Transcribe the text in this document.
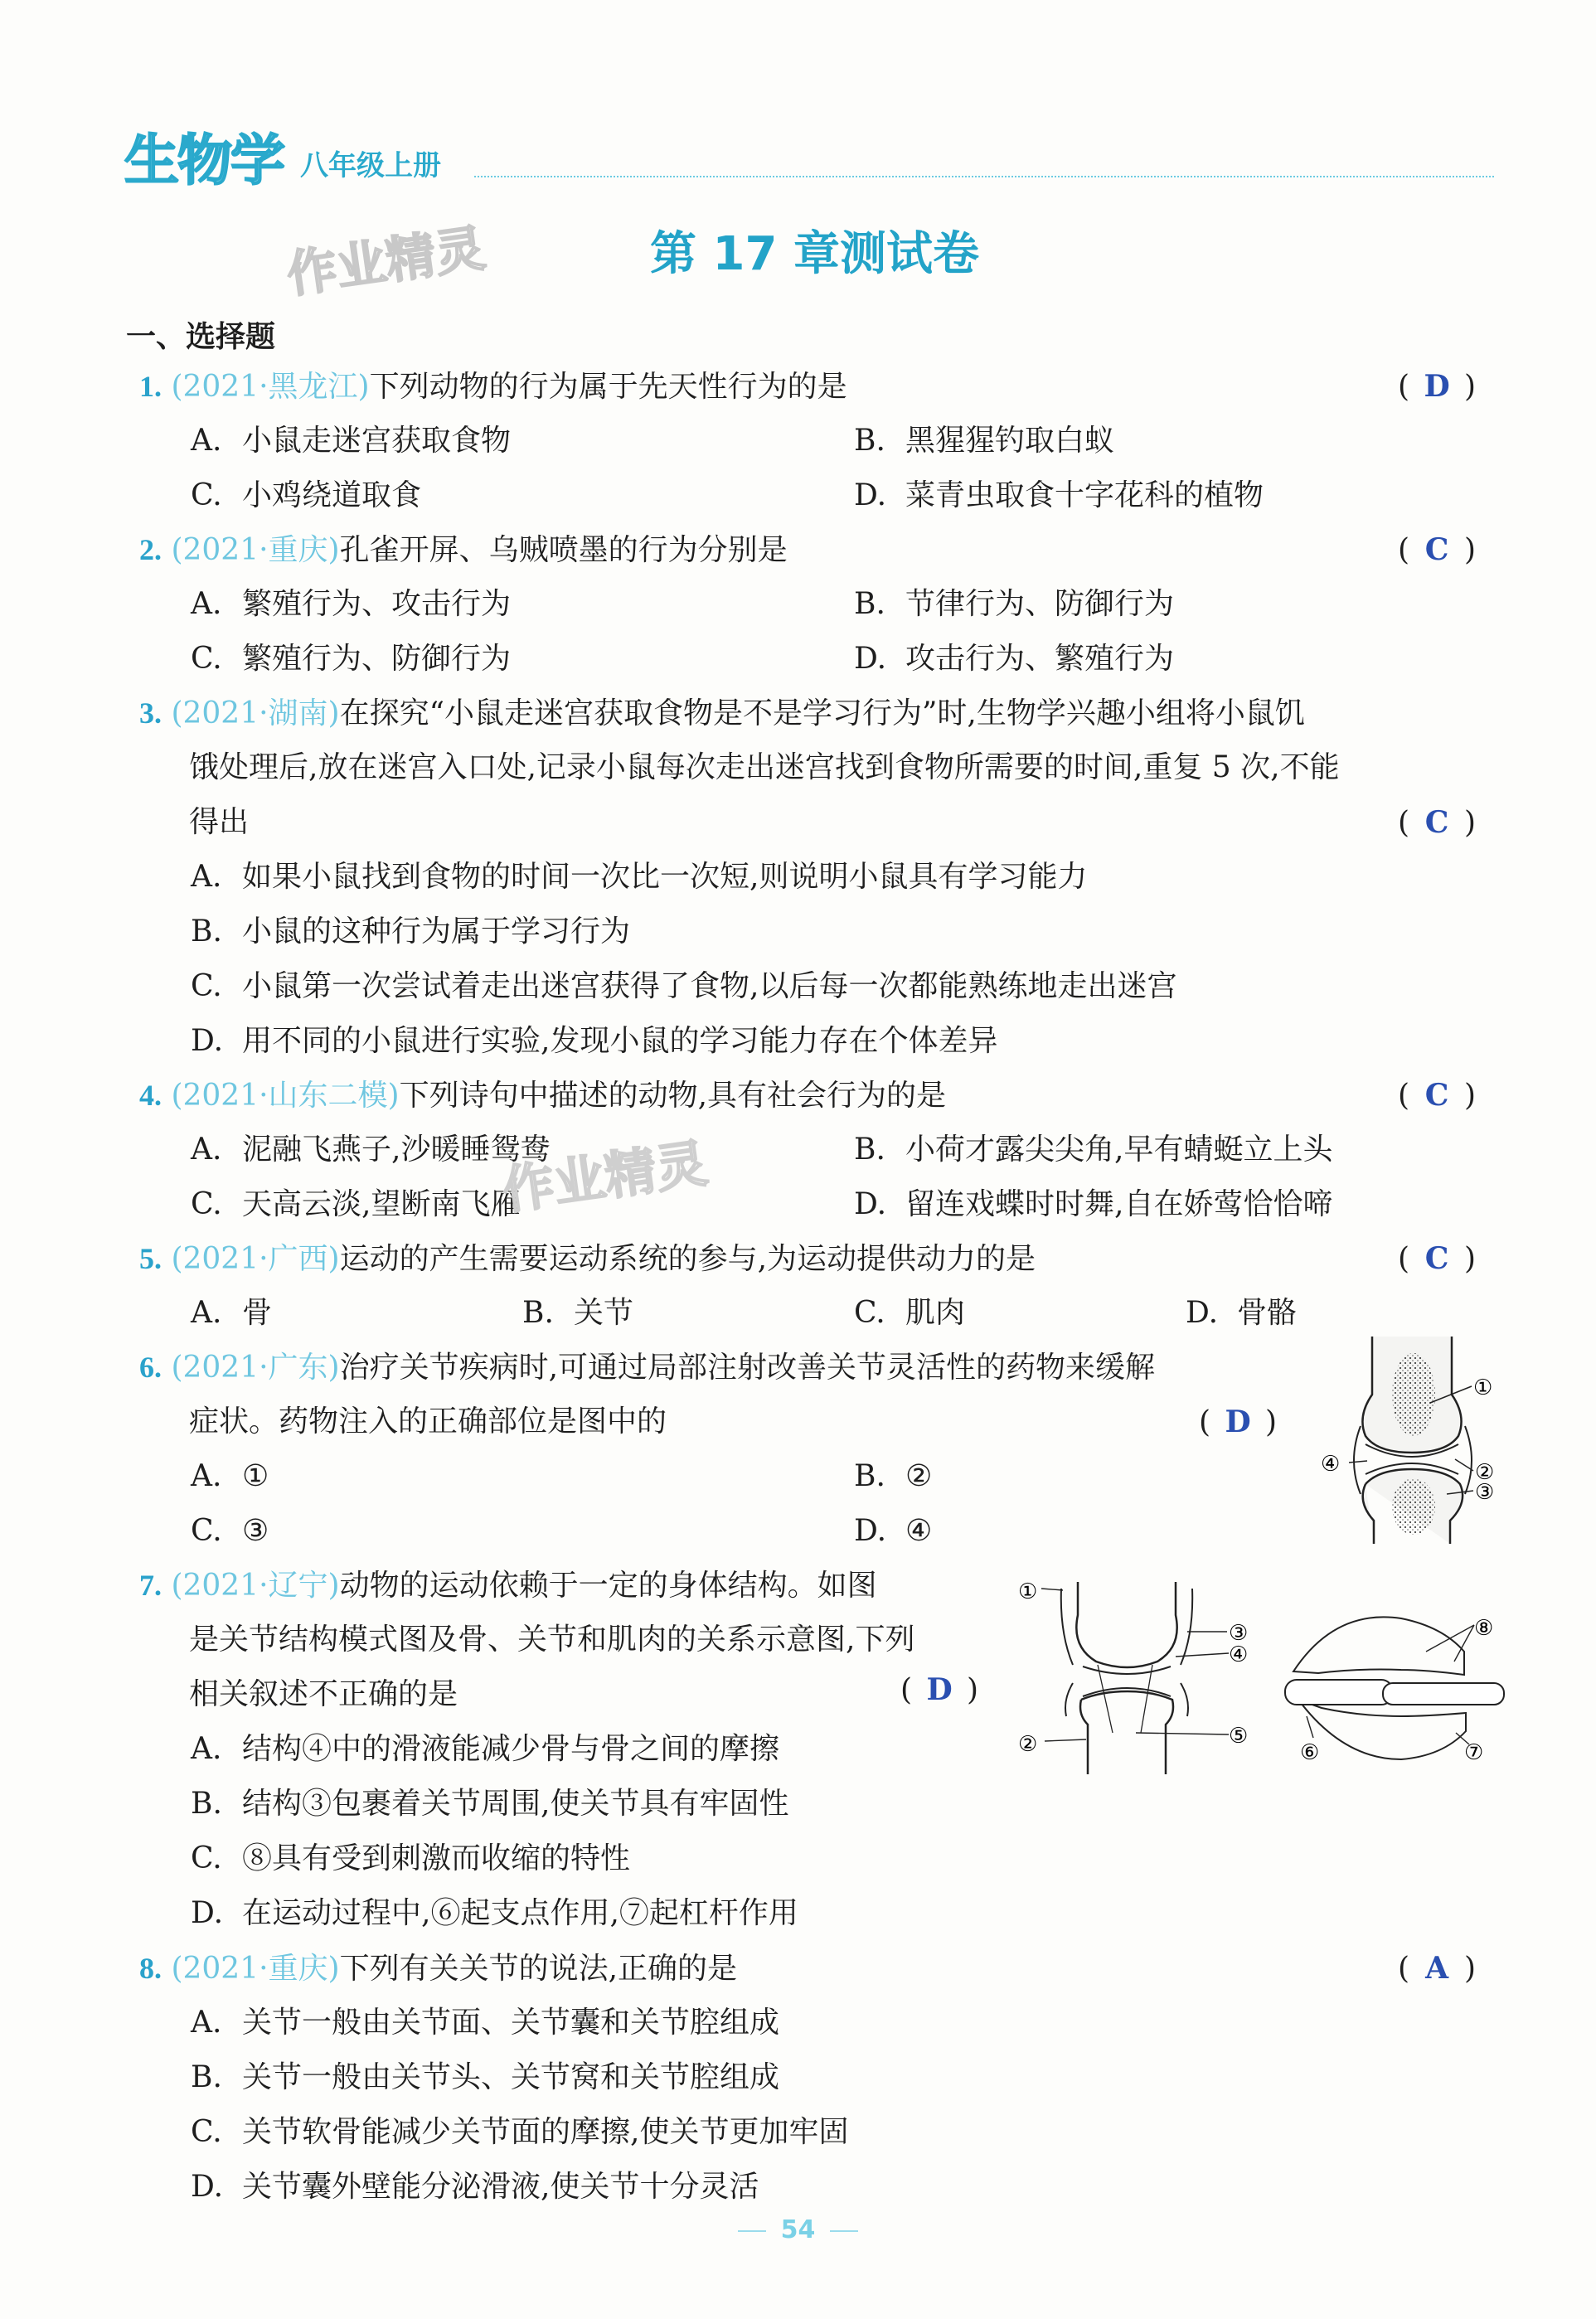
生物学 八年级上册
作业精灵	第 17 章测试卷
一、选择题
1. (2021·黑龙江)下列动物的行为属于先天性行为的是	( D )
A. 小鼠走迷宫获取食物	B. 黑猩猩钓取白蚁
C. 小鸡绕道取食	D. 菜青虫取食十字花科的植物
2. (2021·重庆)孔雀开屏、乌贼喷墨的行为分别是	( C )
A. 繁殖行为、攻击行为	B. 节律行为、防御行为
C. 繁殖行为、防御行为	D. 攻击行为、繁殖行为
3. (2021·湖南)在探究“小鼠走迷宫获取食物是不是学习行为”时,生物学兴趣小组将小鼠饥
饿处理后,放在迷宫入口处,记录小鼠每次走出迷宫找到食物所需要的时间,重复 5 次,不能
得出	( C )
A. 如果小鼠找到食物的时间一次比一次短,则说明小鼠具有学习能力
B. 小鼠的这种行为属于学习行为
C. 小鼠第一次尝试着走出迷宫获得了食物,以后每一次都能熟练地走出迷宫
D. 用不同的小鼠进行实验,发现小鼠的学习能力存在个体差异
4. (2021·山东二模)下列诗句中描述的动物,具有社会行为的是	( C )
A. 泥融飞燕子,沙暖睡鸳鸯	B. 小荷才露尖尖角,早有蜻蜓立上头
C. 天高云淡,望断南飞雁	D. 留连戏蝶时时舞,自在娇莺恰恰啼
作业精灵
5. (2021·广西)运动的产生需要运动系统的参与,为运动提供动力的是	( C )
A. 骨	B. 关节	C. 肌肉	D. 骨骼
6. (2021·广东)治疗关节疾病时,可通过局部注射改善关节灵活性的药物来缓解
症状。药物注入的正确部位是图中的	( D )
A. ①	B. ②
C. ③	D. ④
①
②
③
④
7. (2021·辽宁)动物的运动依赖于一定的身体结构。如图
是关节结构模式图及骨、关节和肌肉的关系示意图,下列
相关叙述不正确的是	( D )
A. 结构④中的滑液能减少骨与骨之间的摩擦
B. 结构③包裹着关节周围,使关节具有牢固性
C. ⑧具有受到刺激而收缩的特性
D. 在运动过程中,⑥起支点作用,⑦起杠杆作用
①
②
③
④
⑤
⑧
⑥	⑦
8. (2021·重庆)下列有关关节的说法,正确的是	( A )
A. 关节一般由关节面、关节囊和关节腔组成
B. 关节一般由关节头、关节窝和关节腔组成
C. 关节软骨能减少关节面的摩擦,使关节更加牢固
D. 关节囊外壁能分泌滑液,使关节十分灵活
54
